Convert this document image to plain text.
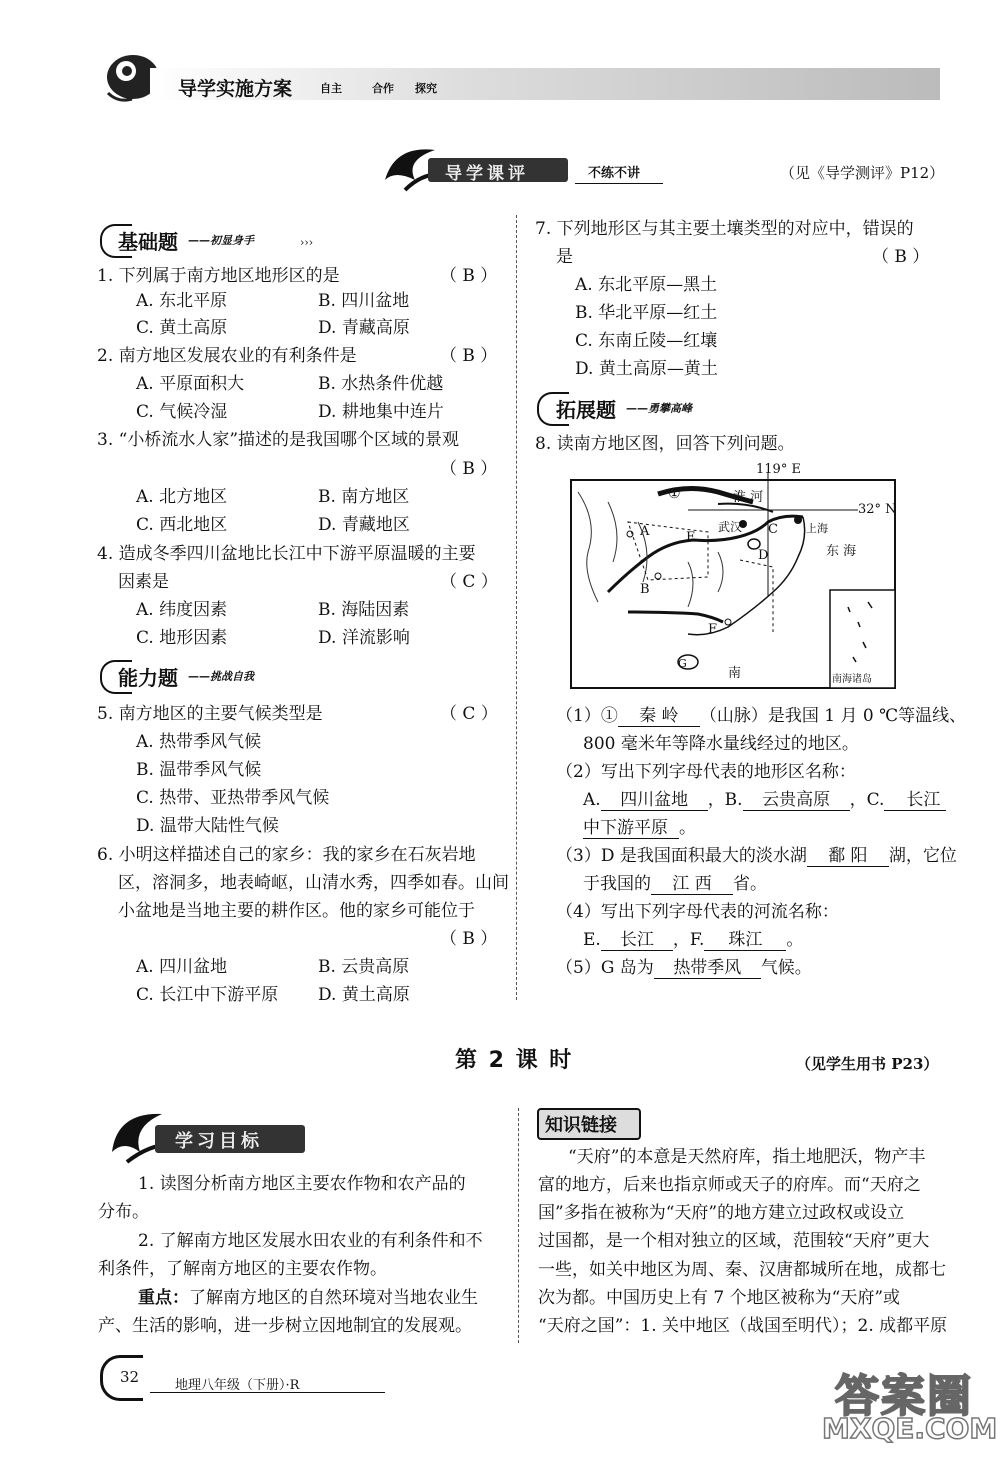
导学实施方案	自主	合作 探究
导学课评	不练不讲	（见《导学测评》P12）
基础题 ——初显身手	›››
1. 下列属于南方地区地形区的是	（ B ）
A. 东北平原	B. 四川盆地
C. 黄土高原	D. 青藏高原
2. 南方地区发展农业的有利条件是	（ B ）
A. 平原面积大	B. 水热条件优越
C. 气候冷湿	D. 耕地集中连片
3. “小桥流水人家”描述的是我国哪个区域的景观
（ B ）
A. 北方地区	B. 南方地区
C. 西北地区	D. 青藏地区
4. 造成冬季四川盆地比长江中下游平原温暖的主要
因素是	（ C ）
A. 纬度因素	B. 海陆因素
C. 地形因素	D. 洋流影响
能力题 ——挑战自我
5. 南方地区的主要气候类型是	（ C ）
A. 热带季风气候
B. 温带季风气候
C. 热带、亚热带季风气候
D. 温带大陆性气候
6. 小明这样描述自己的家乡：我的家乡在石灰岩地
区，溶洞多，地表崎岖，山清水秀，四季如春。山间
小盆地是当地主要的耕作区。他的家乡可能位于
（ B ）
A. 四川盆地	B. 云贵高原
C. 长江中下游平原 D. 黄土高原
7. 下列地形区与其主要土壤类型的对应中，错误的
是	（ B ）
A. 东北平原—黑土
B. 华北平原—红土
C. 东南丘陵—红壤
D. 黄土高原—黄土
拓展题 ——勇攀高峰
8. 读南方地区图，回答下列问题。
119° E
32° N
①	淮 河
武汉	上海
东 海
南	南海诸岛
A
B
C
D
E
F
G
（1）① 秦 岭 （山脉）是我国 1 月 0 ℃等温线、
800 毫米年等降水量线经过的地区。
（2）写出下列字母代表的地形区名称：
A. 四川盆地 ，B. 云贵高原 ，C. 长江
中下游平原 。
（3）D 是我国面积最大的淡水湖 鄱 阳 湖，它位
于我国的 江 西 省。
（4）写出下列字母代表的河流名称：
E. 长江 ，F. 珠江 。
（5）G 岛为 热带季风 气候。
第 2 课 时	（见学生用书 P23）
学习目标
1. 读图分析南方地区主要农作物和农产品的
分布。
2. 了解南方地区发展水田农业的有利条件和不
利条件，了解南方地区的主要农作物。
重点：了解南方地区的自然环境对当地农业生
产、生活的影响，进一步树立因地制宜的发展观。
知识链接
“天府”的本意是天然府库，指土地肥沃，物产丰
富的地方，后来也指京师或天子的府库。而“天府之
国”多指在被称为“天府”的地方建立过政权或设立
过国都，是一个相对独立的区域，范围较“天府”更大
一些，如关中地区为周、秦、汉唐都城所在地，成都七
次为都。中国历史上有 7 个地区被称为“天府”或
“天府之国”：1. 关中地区（战国至明代）；2. 成都平原
32	地理八年级（下册）·R	答案圈
MXQE.COM
